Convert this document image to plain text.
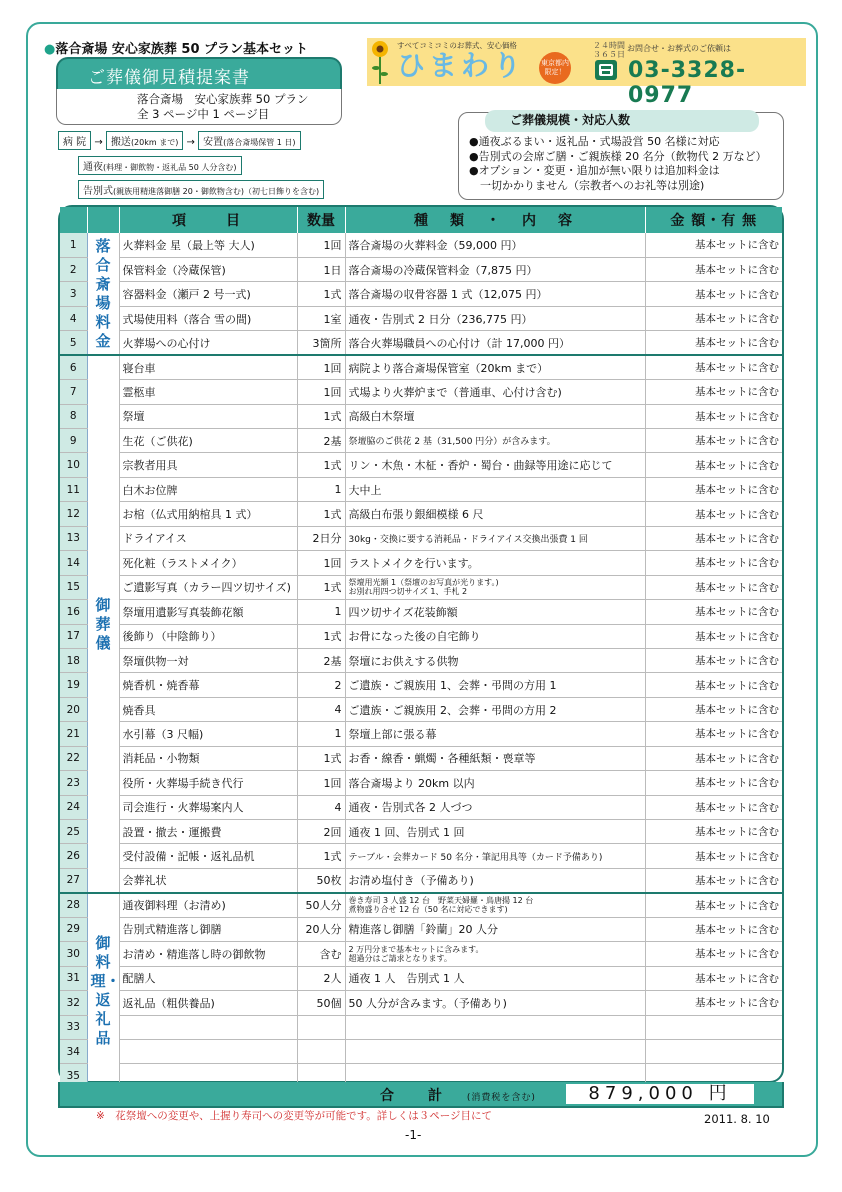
●落合斎場 安心家族葬 50 プラン基本セット
ご葬儀御見積提案書
落合斎場　安心家族葬 50 プラン
全 3 ページ中 1 ページ目
すべてコミコミのお葬式、安心価格
ひまわり 東京都内限定！
２４時間
３６５日
お問合せ・お葬式のご依頼は
03-3328-0977
病 院 → 搬送(20km まで) → 安置(落合斎場保管 1 日)
通夜(料理・御飲物・返礼品 50 人分含む)
告別式(親族用精進落御膳 20・御飲物含む)（初七日飾りを含む)
ご葬儀規模・対応人数
●通夜ぶるまい・返礼品・式場設営 50 名様に対応
●告別式の会席ご膳・ご親族様 20 名分（飲物代 2 万など）
●オプション・変更・追加が無い限りは追加料金は
　一切かかりません（宗教者へのお礼等は別途)
		項　　目	数量	種　類　・　内　容	金 額・有 無
1	落合斎場料金	火葬料金 星（最上等 大人)	1回	落合斎場の火葬料金（59,000 円）	基本セットに含む
2		保管料金（冷蔵保管)	1日	落合斎場の冷蔵保管料金（7,875 円）	基本セットに含む
3		容器料金（瀬戸 2 号一式)	1式	落合斎場の収骨容器 1 式（12,075 円）	基本セットに含む
4		式場使用料（落合 雪の間)	1室	通夜・告別式 2 日分（236,775 円）	基本セットに含む
5		火葬場への心付け	3箇所	落合火葬場職員への心付け（計 17,000 円）	基本セットに含む
6	御　葬　儀	寝台車	1回	病院より落合斎場保管室（20km まで）	基本セットに含む
7		霊柩車	1回	式場より火葬炉まで（普通車、心付け含む)	基本セットに含む
8		祭壇	1式	高級白木祭壇	基本セットに含む
9		生花（ご供花)	2基	祭壇脇のご供花 2 基（31,500 円分）が含みます。	基本セットに含む
10		宗教者用具	1式	リン・木魚・木柾・香炉・蜀台・曲録等用途に応じて	基本セットに含む
11		白木お位牌	1	大中上	基本セットに含む
12		お棺（仏式用納棺具 1 式）	1式	高級白布張り銀細模様 6 尺	基本セットに含む
13		ドライアイス	2日分	30kg・交換に要する消耗品・ドライアイス交換出張費 1 回	基本セットに含む
14		死化粧（ラストメイク）	1回	ラストメイクを行います。	基本セットに含む
15		ご遺影写真（カラー四ツ切サイズ)	1式	祭壇用光額 1（祭壇のお写真が光ります。)
お別れ用四つ切サイズ 1、手札 2	基本セットに含む
16		祭壇用遺影写真装飾花額	1	四ツ切サイズ花装飾額	基本セットに含む
17		後飾り（中陰飾り）	1式	お骨になった後の自宅飾り	基本セットに含む
18		祭壇供物一対	2基	祭壇にお供えする供物	基本セットに含む
19		焼香机・焼香幕	2	ご遺族・ご親族用 1、会葬・弔問の方用 1	基本セットに含む
20		焼香具	4	ご遺族・ご親族用 2、会葬・弔問の方用 2	基本セットに含む
21		水引幕（3 尺幅)	1	祭壇上部に張る幕	基本セットに含む
22		消耗品・小物類	1式	お香・線香・蝋燭・各種紙類・喪章等	基本セットに含む
23		役所・火葬場手続き代行	1回	落合斎場より 20km 以内	基本セットに含む
24		司会進行・火葬場案内人	4	通夜・告別式各 2 人づつ	基本セットに含む
25		設置・撤去・運搬費	2回	通夜 1 回、告別式 1 回	基本セットに含む
26		受付設備・記帳・返礼品机	1式	テーブル・会葬カード 50 名分・筆記用具等（カード予備あり)	基本セットに含む
27		会葬礼状	50枚	お清め塩付き（予備あり)	基本セットに含む
28	御料理・返礼品	通夜御料理（お清め)	50人分	巻き寿司 3 人盛 12 台　野菜天婦羅・鳥唐揚 12 台
煮物盛り合せ 12 台（50 名に対応できます)	基本セットに含む
29		告別式精進落し御膳	20人分	精進落し御膳「鈴蘭」20 人分	基本セットに含む
30		お清め・精進落し時の御飲物	含む	2 万円分まで基本セットに含みます。
超過分はご請求となります。	基本セットに含む
31		配膳人	2人	通夜 1 人　告別式 1 人	基本セットに含む
32		返礼品（粗供養品)	50個	50 人分が含みます。（予備あり)	基本セットに含む
33					
34					
35					
合　計 (消費税を含む)	879,000 円
※　花祭壇への変更や、上握り寿司への変更等が可能です。詳しくは３ページ目にて	2011. 8. 10
-1-
